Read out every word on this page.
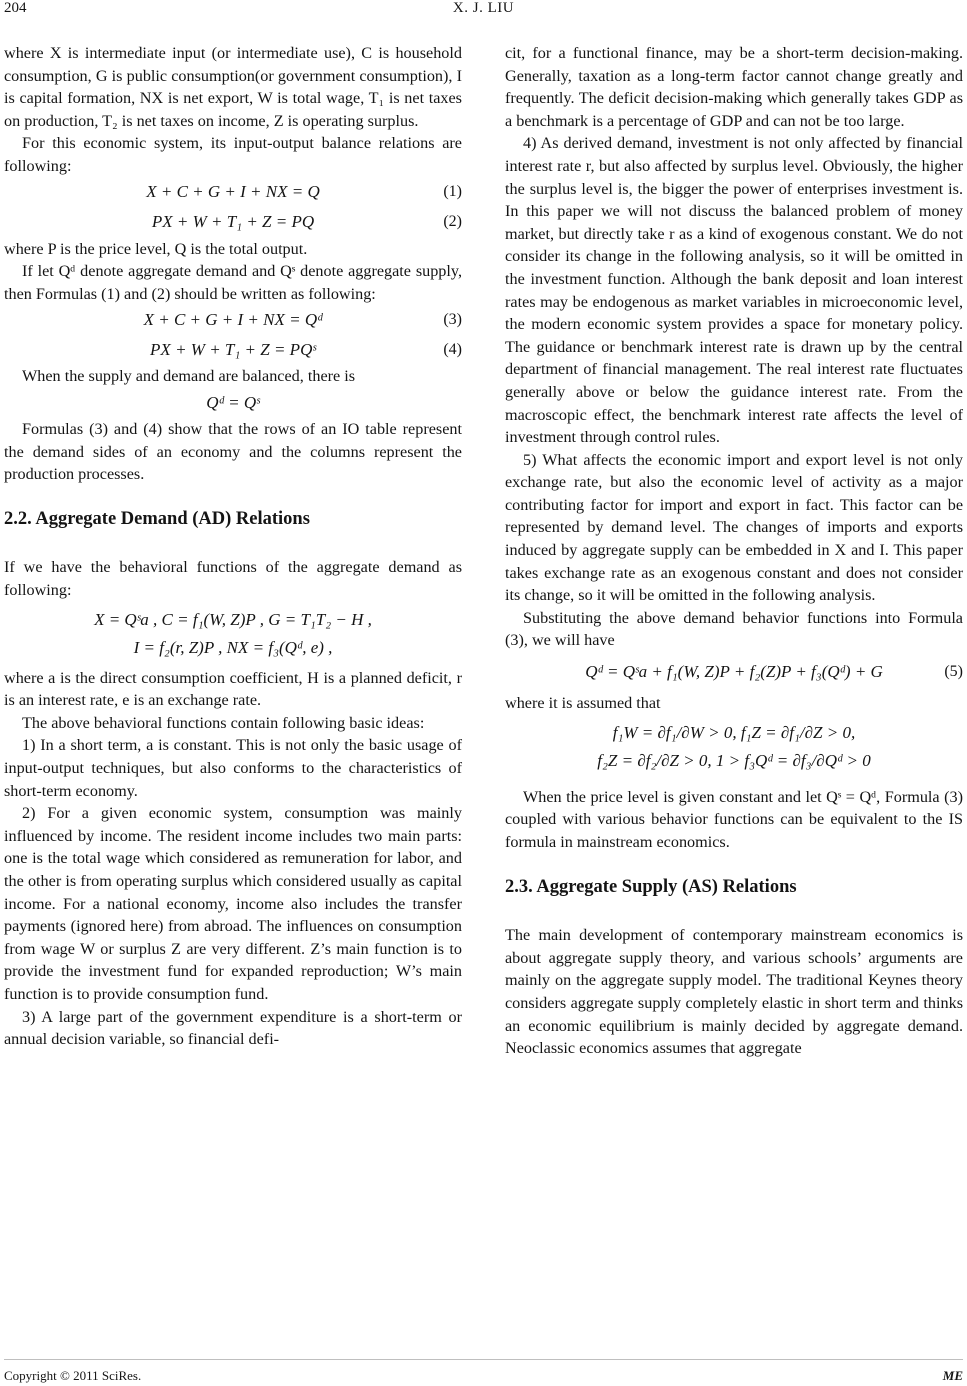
204	X. J. LIU

where X is intermediate input (or intermediate use), C is household consumption, G is public consumption(or government consumption), I is capital formation, NX is net export, W is total wage, T₁ is net taxes on production, T₂ is net taxes on income, Z is operating surplus.

For this economic system, its input-output balance relations are following:

X + C + G + I + NX = Q	(1)
PX + W + T₁ + Z = PQ	(2)

where P is the price level, Q is the total output.

If let Qᵈ denote aggregate demand and Qˢ denote aggregate supply, then Formulas (1) and (2) should be written as following:

X + C + G + I + NX = Qᵈ	(3)
PX + W + T₁ + Z = PQˢ	(4)

When the supply and demand are balanced, there is

Qᵈ = Qˢ

Formulas (3) and (4) show that the rows of an IO table represent the demand sides of an economy and the columns represent the production processes.

2.2. Aggregate Demand (AD) Relations

If we have the behavioral functions of the aggregate demand as following:

X = Qˢa , C = f₁(W, Z)P , G = T₁T₂ − H ,
I = f₂(r, Z)P , NX = f₃(Qᵈ, e) ,

where a is the direct consumption coefficient, H is a planned deficit, r is an interest rate, e is an exchange rate.

The above behavioral functions contain following basic ideas:

1) In a short term, a is constant. This is not only the basic usage of input-output techniques, but also conforms to the characteristics of short-term economy.

2) For a given economic system, consumption was mainly influenced by income. The resident income includes two main parts: one is the total wage which considered as remuneration for labor, and the other is from operating surplus which considered usually as capital income. For a national economy, income also includes the transfer payments (ignored here) from abroad. The influences on consumption from wage W or surplus Z are very different. Z’s main function is to provide the investment fund for expanded reproduction; W’s main function is to provide consumption fund.

3) A large part of the government expenditure is a short-term or annual decision variable, so financial defi-

cit, for a functional finance, may be a short-term decision-making. Generally, taxation as a long-term factor cannot change greatly and frequently. The deficit decision-making which generally takes GDP as a benchmark is a percentage of GDP and can not be too large.

4) As derived demand, investment is not only affected by financial interest rate r, but also affected by surplus level. Obviously, the higher the surplus level is, the bigger the power of enterprises investment is. In this paper we will not discuss the balanced problem of money market, but directly take r as a kind of exogenous constant. We do not consider its change in the following analysis, so it will be omitted in the investment function. Although the bank deposit and loan interest rates may be endogenous as market variables in microeconomic level, the modern economic system provides a space for monetary policy. The guidance or benchmark interest rate is drawn up by the central department of financial management. The real interest rate fluctuates generally above or below the guidance interest rate. From the macroscopic effect, the benchmark interest rate affects the level of investment through control rules.

5) What affects the economic import and export level is not only exchange rate, but also the economic level of activity as a major contributing factor for import and export in fact. This factor can be represented by demand level. The changes of imports and exports induced by aggregate supply can be embedded in X and I. This paper takes exchange rate as an exogenous constant and does not consider its change, so it will be omitted in the following analysis.

Substituting the above demand behavior functions into Formula (3), we will have

Qᵈ = Qˢa + f₁(W, Z)P + f₂(Z)P + f₃(Qᵈ) + G	(5)

where it is assumed that

f₁W = ∂f₁/∂W > 0, f₁Z = ∂f₁/∂Z > 0,
f₂Z = ∂f₂/∂Z > 0, 1 > f₃Qᵈ = ∂f₃/∂Qᵈ > 0

When the price level is given constant and let Qˢ = Qᵈ, Formula (3) coupled with various behavior functions can be equivalent to the IS formula in mainstream economics.

2.3. Aggregate Supply (AS) Relations

The main development of contemporary mainstream economics is about aggregate supply theory, and various schools’ arguments are mainly on the aggregate supply model. The traditional Keynes theory considers aggregate supply completely elastic in short term and thinks an economic equilibrium is mainly decided by aggregate demand. Neoclassic economics assumes that aggregate

Copyright © 2011 SciRes.	ME
